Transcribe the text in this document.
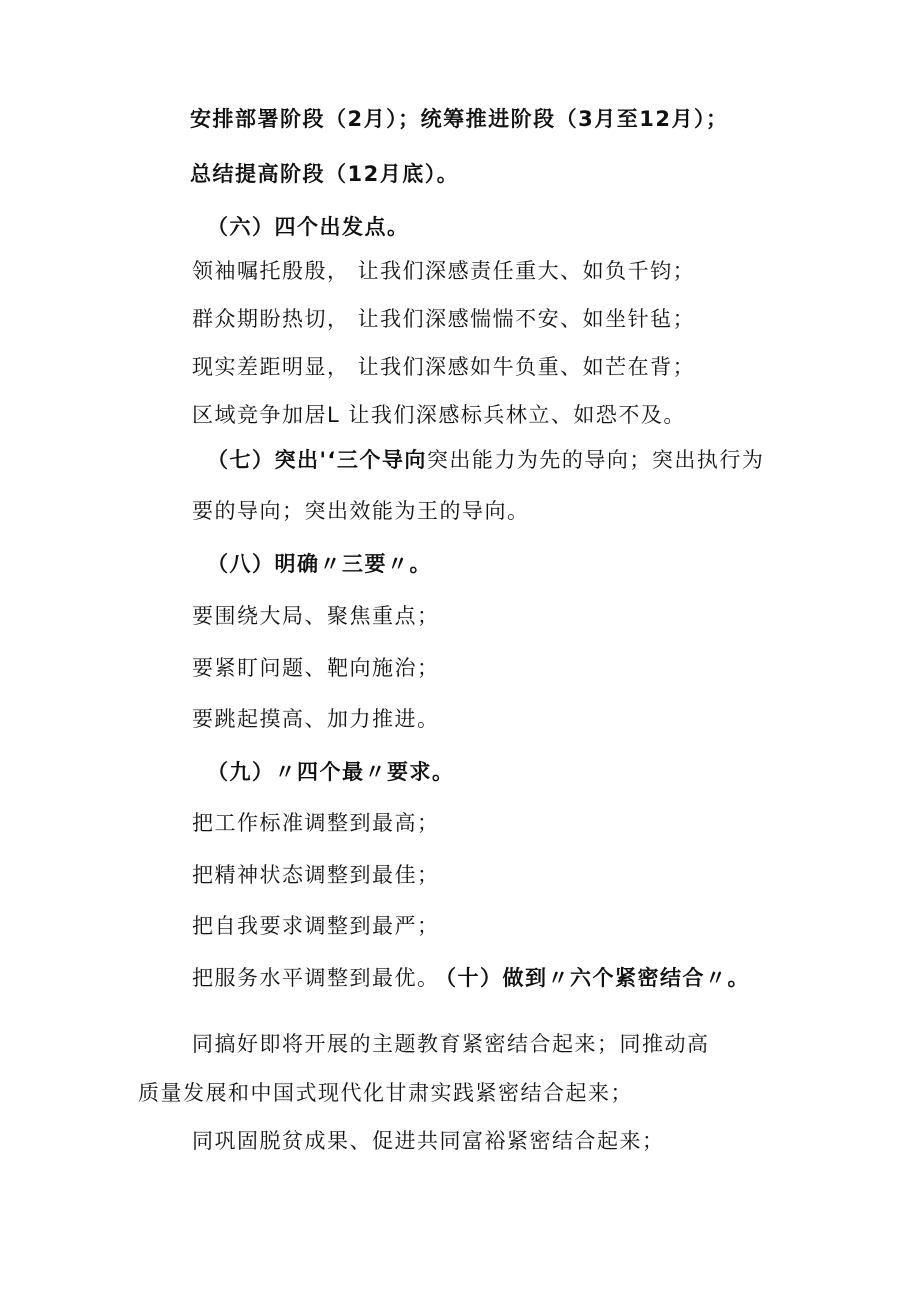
安排部署阶段（2月）；统筹推进阶段（3月至12月）；
总结提高阶段（12月底）。
（六）四个出发点。
领袖嘱托殷殷， 让我们深感责任重大、如负千钧；
群众期盼热切， 让我们深感惴惴不安、如坐针毡；
现实差距明显， 让我们深感如牛负重、如芒在背；
区域竞争加居L 让我们深感标兵林立、如恐不及。
（七）突出'‘三个导向突出能力为先的导向；突出执行为
要的导向；突出效能为王的导向。
（八）明确〃三要〃。
要围绕大局、聚焦重点；
要紧盯问题、靶向施治；
要跳起摸高、加力推进。
（九）〃四个最〃要求。
把工作标准调整到最高；
把精神状态调整到最佳；
把自我要求调整到最严；
把服务水平调整到最优。 （十）做到〃六个紧密结合〃。
同搞好即将开展的主题教育紧密结合起来；同推动高
质量发展和中国式现代化甘肃实践紧密结合起来；
同巩固脱贫成果、促进共同富裕紧密结合起来；
